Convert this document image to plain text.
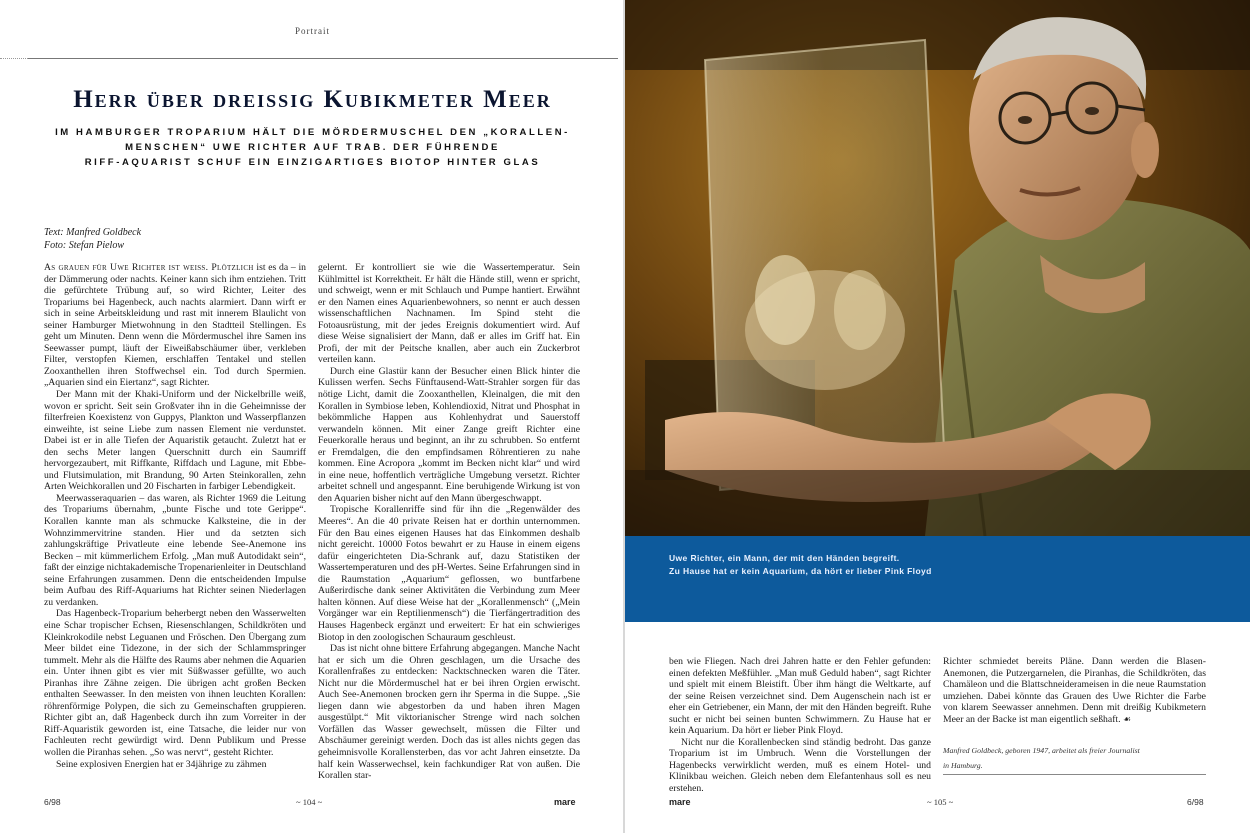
Portrait
Herr über dreissig Kubikmeter Meer
IM HAMBURGER TROPARIUM HÄLT DIE MÖRDERMUSCHEL DEN „KORALLEN-
MENSCHEN“ UWE RICHTER AUF TRAB. DER FÜHRENDE
RIFF-AQUARIST SCHUF EIN EINZIGARTIGES BIOTOP HINTER GLAS
Text: Manfred Goldbeck
Foto: Stefan Pielow

As grauen für Uwe Richter ist weiss. Plötzlich ist es da – in der Dämmerung oder nachts. Keiner kann sich ihm entziehen. Tritt die gefürchtete Trübung auf, so wird Richter, Leiter des Tropariums bei Hagenbeck, auch nachts alarmiert. Dann wirft er sich in seine Arbeitskleidung und rast mit innerem Blaulicht von seiner Hamburger Mietwohnung in den Stadtteil Stellingen. Es geht um Minuten. Denn wenn die Mördermuschel ihre Samen ins Seewasser pumpt, läuft der Eiweißabschäumer über, verkleben Filter, verstopfen Kiemen, erschlaffen Tentakel und stellen Zooxanthellen ihren Stoffwechsel ein. Tod durch Spermien. „Aquarien sind ein Eiertanz“, sagt Richter.

Der Mann mit der Khaki-Uniform und der Nickelbrille weiß, wovon er spricht. Seit sein Großvater ihn in die Geheimnisse der filterfreien Koexistenz von Guppys, Plankton und Wasserpflanzen einweihte, ist seine Liebe zum nassen Element nie verdunstet. Dabei ist er in alle Tiefen der Aquaristik getaucht. Zuletzt hat er den sechs Meter langen Querschnitt durch ein Saumriff hervorgezaubert, mit Riffkante, Riffdach und Lagune, mit Ebbe- und Flutsimulation, mit Brandung, 90 Arten Steinkorallen, zehn Arten Weichkorallen und 20 Fischarten in farbiger Lebendigkeit.

Meerwasseraquarien – das waren, als Richter 1969 die Leitung des Tropariums übernahm, „bunte Fische und tote Gerippe“. Korallen kannte man als schmucke Kalksteine, die in der Wohnzimmervitrine standen. Hier und da setzten sich zahlungskräftige Privatleute eine lebende See-Anemone ins Becken – mit kümmerlichem Erfolg. „Man muß Autodidakt sein“, faßt der einzige nichtakademische Tropenarienleiter in Deutschland seine Erfahrungen zusammen. Denn die entscheidenden Impulse beim Aufbau des Riff-Aquariums hat Richter seinen Niederlagen zu verdanken.

Das Hagenbeck-Troparium beherbergt neben den Wasserwelten eine Schar tropischer Echsen, Riesenschlangen, Schildkröten und Kleinkrokodile nebst Leguanen und Fröschen. Den Übergang zum Meer bildet eine Tidezone, in der sich der Schlammspringer tummelt. Mehr als die Hälfte des Raums aber nehmen die Aquarien ein. Unter ihnen gibt es vier mit Süßwasser gefüllte, wo auch Piranhas ihre Zähne zeigen. Die übrigen acht großen Becken enthalten Seewasser. In den meisten von ihnen leuchten Korallen: röhrenförmige Polypen, die sich zu Gemeinschaften gruppieren. Richter gibt an, daß Hagenbeck durch ihn zum Vorreiter in der Riff-Aquaristik geworden ist, eine Tatsache, die leider nur von Fachleuten recht gewürdigt wird. Denn Publikum und Presse wollen die Piranhas sehen. „So was nervt“, gesteht Richter.

Seine explosiven Energien hat er 34jährige zu zähmen

gelernt. Er kontrolliert sie wie die Wassertemperatur. Sein Kühlmittel ist Korrektheit. Er hält die Hände still, wenn er spricht, und schweigt, wenn er mit Schlauch und Pumpe hantiert. Erwähnt er den Namen eines Aquarienbewohners, so nennt er auch dessen wissenschaftlichen Nachnamen. Im Spind steht die Fotoausrüstung, mit der jedes Ereignis dokumentiert wird. Auf diese Weise signalisiert der Mann, daß er alles im Griff hat. Ein Profi, der mit der Peitsche knallen, aber auch ein Zuckerbrot verteilen kann.

Durch eine Glastür kann der Besucher einen Blick hinter die Kulissen werfen. Sechs Fünftausend-Watt-Strahler sorgen für das nötige Licht, damit die Zooxanthellen, Kleinalgen, die mit den Korallen in Symbiose leben, Kohlendioxid, Nitrat und Phosphat in bekömmliche Happen aus Kohlenhydrat und Sauerstoff verwandeln können. Mit einer Zange greift Richter eine Feuerkoralle heraus und beginnt, an ihr zu schrubben. So entfernt er Fremdalgen, die den empfindsamen Röhrentieren zu nahe kommen. Eine Acropora „kommt im Becken nicht klar“ und wird in eine neue, hoffentlich verträgliche Umgebung versetzt. Richter arbeitet schnell und angespannt. Eine beruhigende Wirkung ist von den Aquarien bisher nicht auf den Mann übergeschwappt.

Tropische Korallenriffe sind für ihn die „Regenwälder des Meeres“. An die 40 private Reisen hat er dorthin unternommen. Für den Bau eines eigenen Hauses hat das Einkommen deshalb nicht gereicht. 10000 Fotos bewahrt er zu Hause in einem eigens dafür eingerichteten Dia-Schrank auf, dazu Statistiken der Wassertemperaturen und des pH-Wertes. Seine Erfahrungen sind in die Raumstation „Aquarium“ geflossen, wo buntfarbene Außerirdische dank seiner Aktivitäten die Verbindung zum Meer halten können. Auf diese Weise hat der „Korallenmensch“ („Mein Vorgänger war ein Reptilienmensch“) die Tierfängertradition des Hauses Hagenbeck ergänzt und erweitert: Er hat ein schwieriges Biotop in den zoologischen Schauraum geschleust.

Das ist nicht ohne bittere Erfahrung abgegangen. Manche Nacht hat er sich um die Ohren geschlagen, um die Ursache des Korallenfraßes zu entdecken: Nacktschnecken waren die Täter. Nicht nur die Mördermuschel hat er bei ihren Orgien erwischt. Auch See-Anemonen brocken gern ihr Sperma in die Suppe. „Sie liegen dann wie abgestorben da und haben ihren Magen ausgestülpt.“ Mit viktorianischer Strenge wird nach solchen Vorfällen das Wasser gewechselt, müssen die Filter und Abschäumer gereinigt werden. Doch das ist alles nichts gegen das geheimnisvolle Korallensterben, das vor acht Jahren einsetzte. Da half kein Wasserwechsel, kein fachkundiger Rat von außen. Die Korallen star-

6/98	~ 104 ~	mare
Uwe Richter, ein Mann, der mit den Händen begreift.
Zu Hause hat er kein Aquarium, da hört er lieber Pink Floyd

ben wie Fliegen. Nach drei Jahren hatte er den Fehler gefunden: einen defekten Meßfühler. „Man muß Geduld haben“, sagt Richter und spielt mit einem Bleistift. Über ihm hängt die Weltkarte, auf der seine Reisen verzeichnet sind. Dem Augenschein nach ist er eher ein Getriebener, ein Mann, der mit den Händen begreift. Ruhe sucht er nicht bei seinen bunten Schwimmern. Zu Hause hat er kein Aquarium. Da hört er lieber Pink Floyd.

Nicht nur die Korallenbecken sind ständig bedroht. Das ganze Troparium ist im Umbruch. Wenn die Vorstellungen der Hagenbecks verwirklicht werden, muß es einem Hotel- und Klinikbau weichen. Gleich neben dem Elefantenhaus soll es neu erstehen.

Richter schmiedet bereits Pläne. Dann werden die Blasen-Anemonen, die Putzergarnelen, die Piranhas, die Schildkröten, das Chamäleon und die Blattschneiderameisen in die neue Raumstation umziehen. Dabei könnte das Grauen des Uwe Richter die Farbe von klarem Seewasser annehmen. Denn mit dreißig Kubikmetern Meer an der Backe ist man eigentlich seßhaft. ☙

Manfred Goldbeck, geboren 1947, arbeitet als freier Journalist
in Hamburg.
mare	~ 105 ~	6/98
